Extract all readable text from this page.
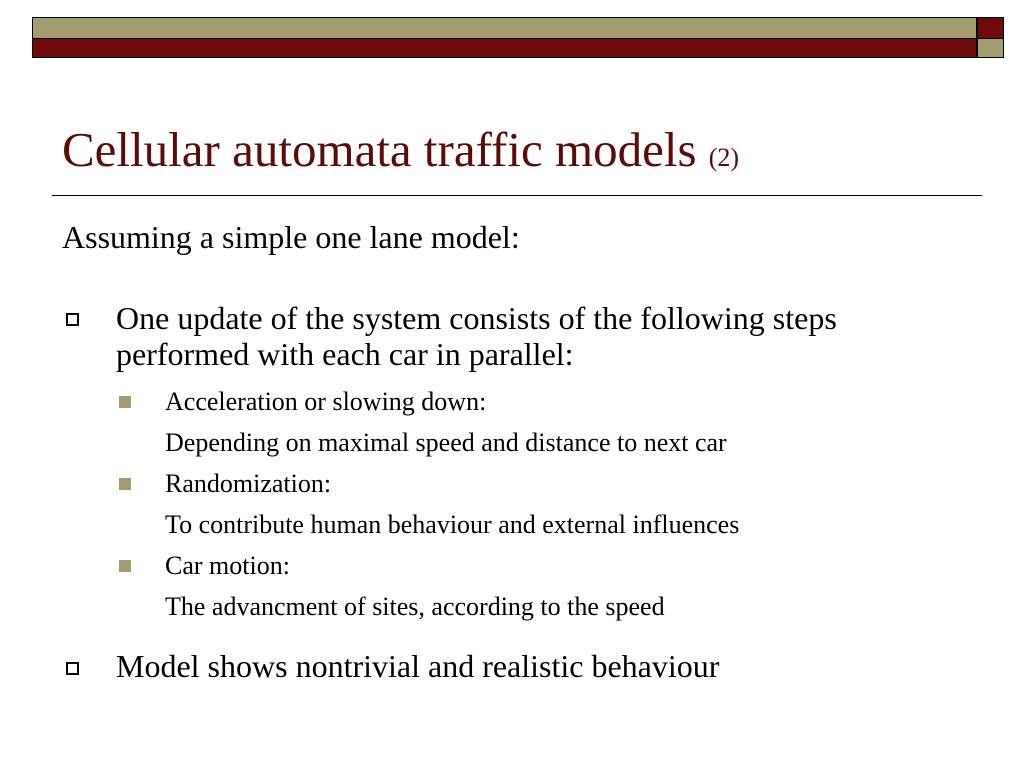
Cellular automata traffic models (2)
Assuming a simple one lane model:
One update of the system consists of the following steps performed with each car in parallel:
Acceleration or slowing down:
Depending on maximal speed and distance to next car
Randomization:
To contribute human behaviour and external influences
Car motion:
The advancment of sites, according to the speed
Model shows nontrivial and realistic behaviour
